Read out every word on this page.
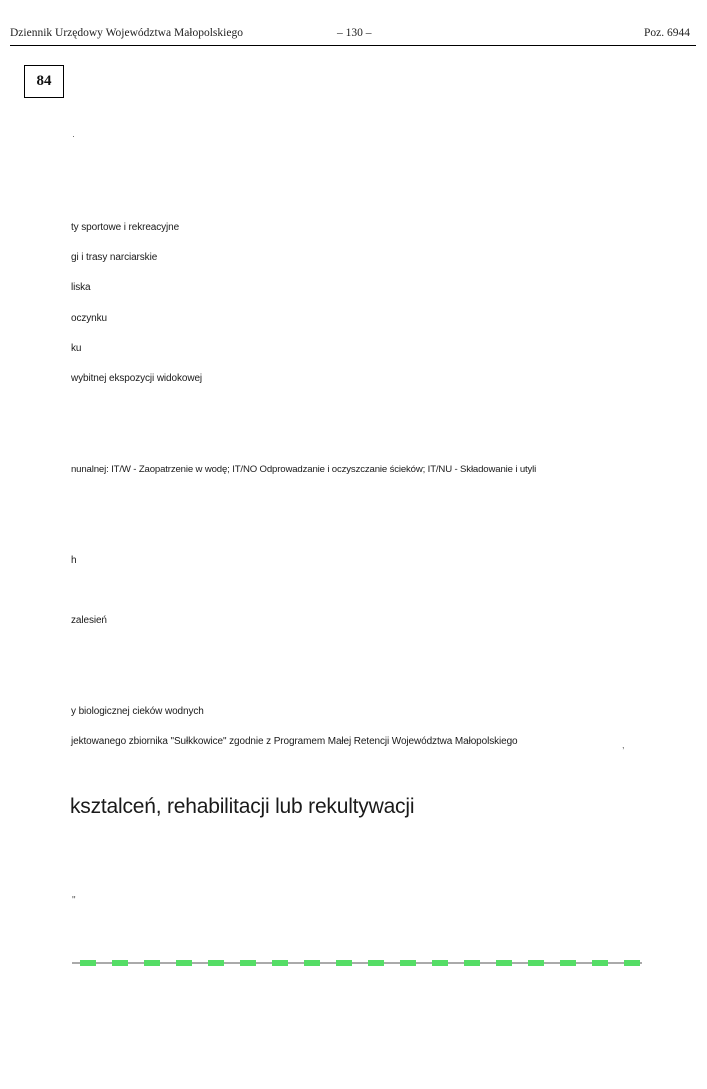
Dziennik Urzędowy Województwa Małopolskiego	– 130 –	Poz. 6944
84
·
ty sportowe i rekreacyjne
gi i trasy narciarskie
liska
oczynku
ku
wybitnej ekspozycji widokowej
nunalnej: IT/W - Zaopatrzenie w wodę; IT/NO Odprowadzanie i oczyszczanie ścieków; IT/NU - Składowanie i utyli
h
zalesień
y biologicznej cieków wodnych
jektowanego zbiornika "Sułkkowice" zgodnie z Programem Małej Retencji Województwa Małopolskiego	,
ksztalceń, rehabilitacji lub rekultywacji
"
